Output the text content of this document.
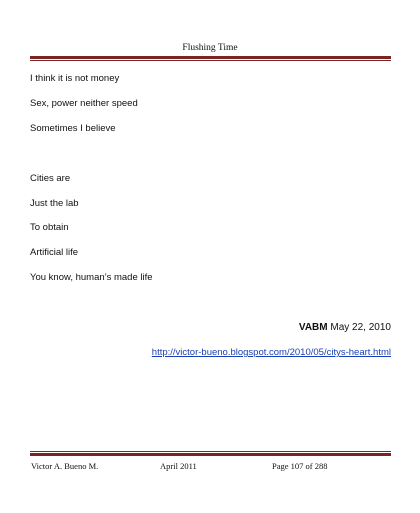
Flushing Time
I think it is not money
Sex, power neither speed
Sometimes I believe
Cities are
Just the lab
To obtain
Artificial life
You know, human’s made life
VABM May 22, 2010
http://victor-bueno.blogspot.com/2010/05/citys-heart.html
Victor A. Bueno M.	April 2011	Page 107 of 288
